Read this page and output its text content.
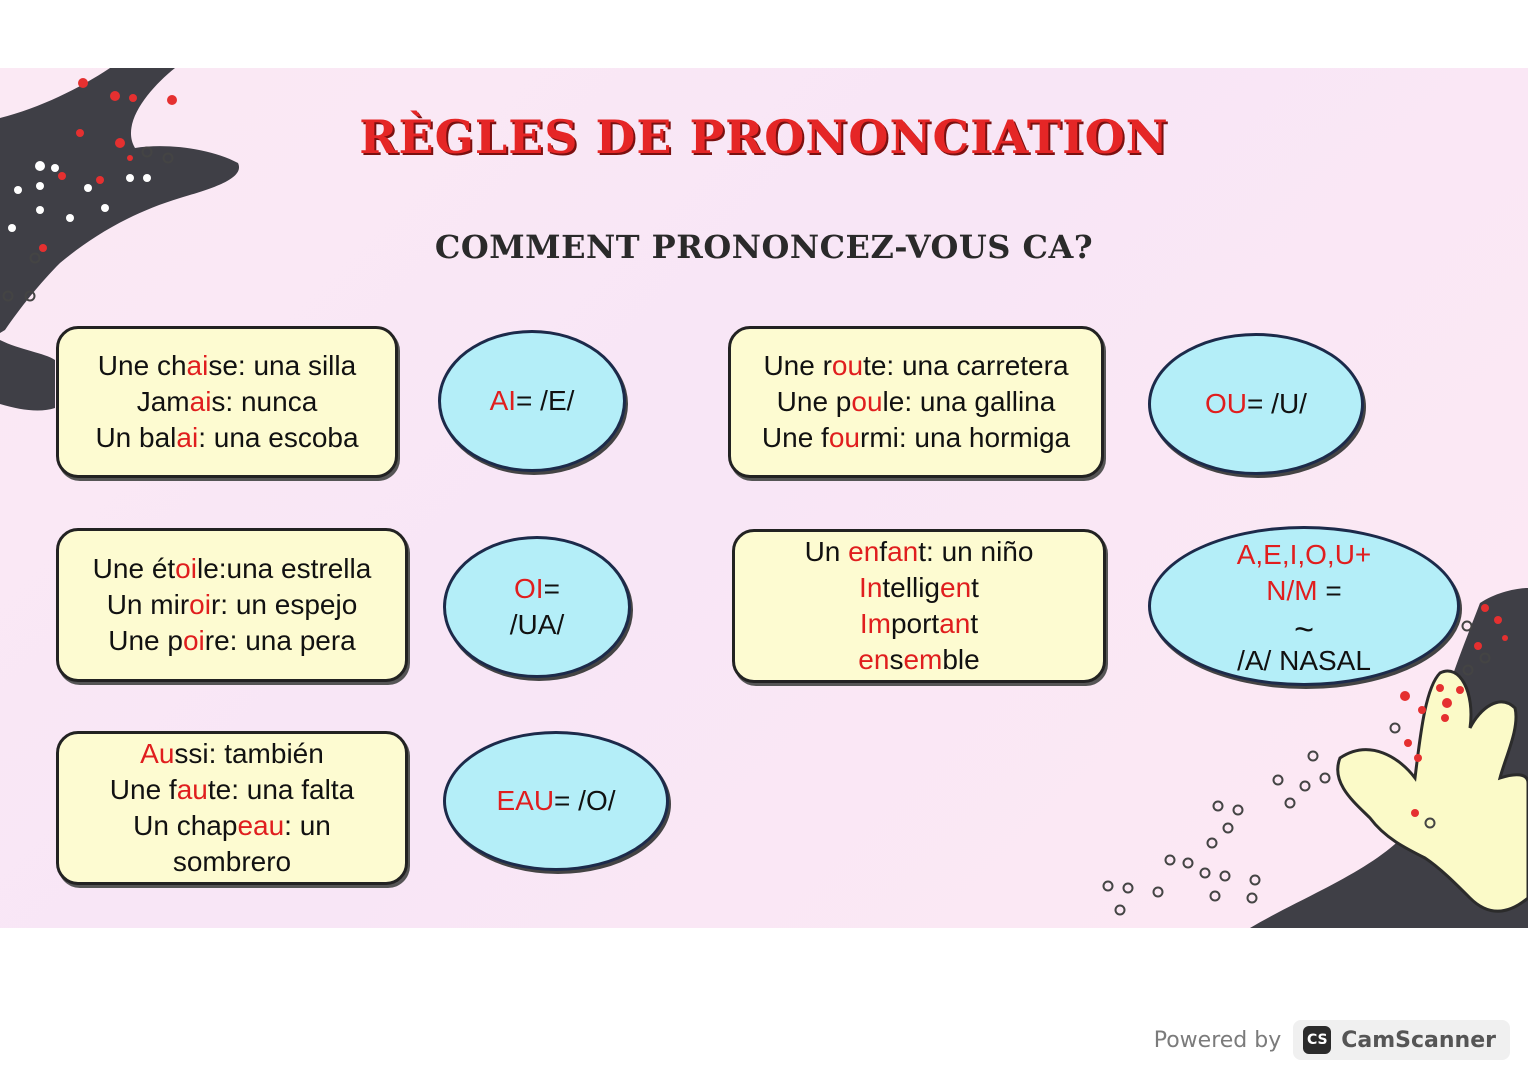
RÈGLES DE PRONONCIATION
COMMENT PRONONCEZ-VOUS CA?
Une chaise: una silla
Jamais: nunca
Un balai: una escoba
AI= /E/
Une étoile:una estrella
Un miroir: un espejo
Une poire: una pera
OI=
/UA/
Aussi: también
Une faute: una falta
Un chapeau: un
sombrero
EAU= /O/
Une route: una carretera
Une poule: una gallina
Une fourmi: una hormiga
OU= /U/
Un enfant: un niño
Intelligent
Important
ensemble
A,E,I,O,U+
N/M =
~
/A/ NASAL
Powered by CS CamScanner
